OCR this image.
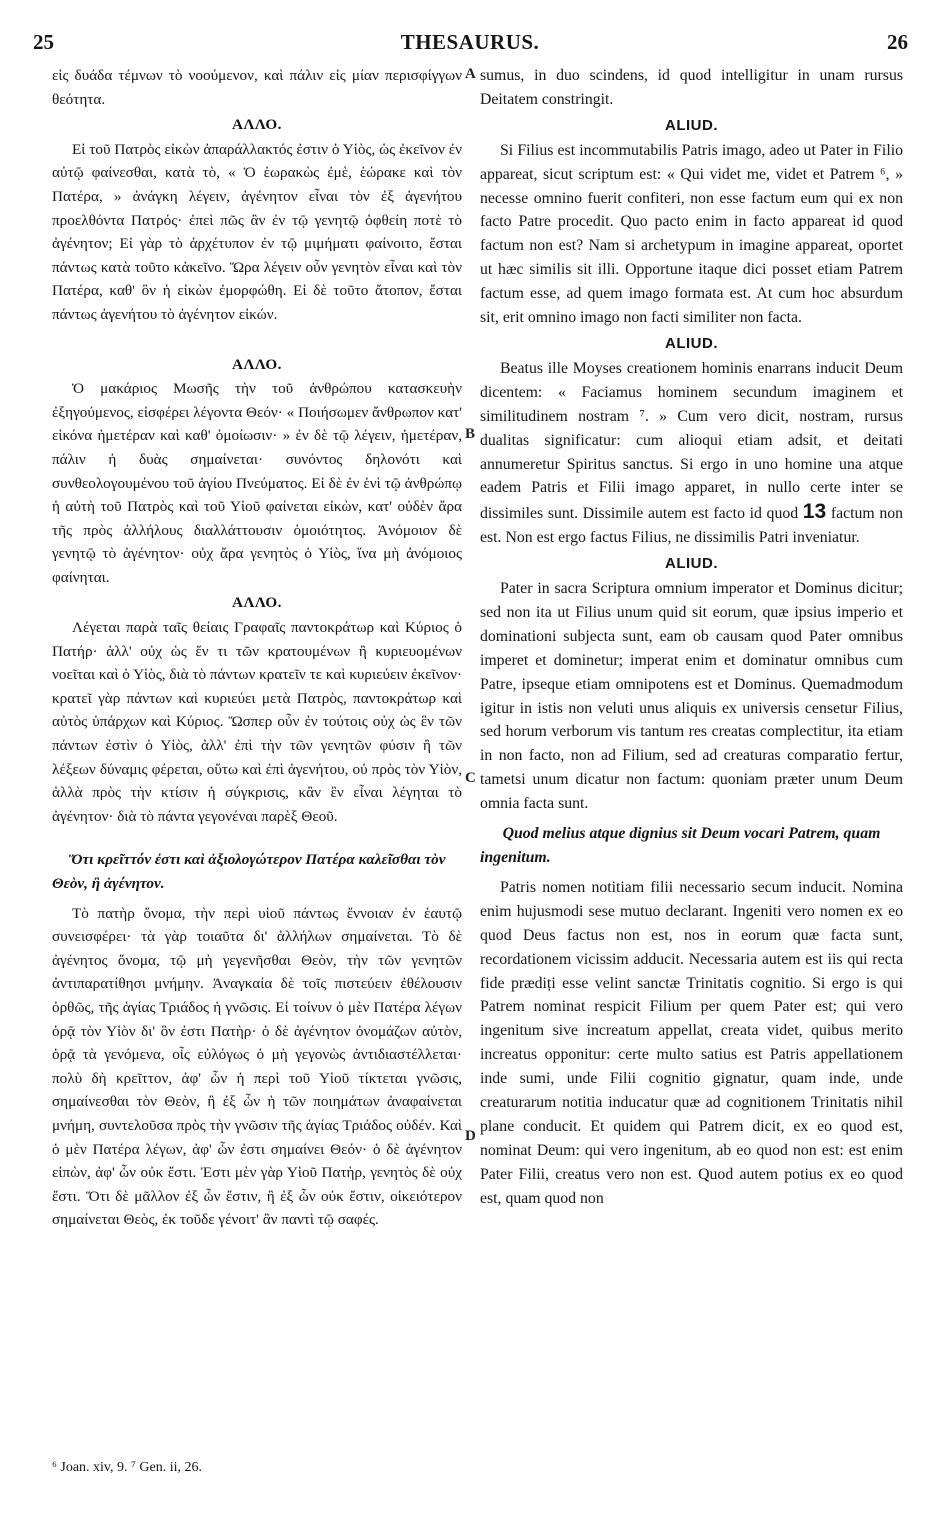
25	THESAURUS.	26

εἰς δυάδα τέμνων τὸ νοούμενον, καὶ πάλιν εἰς μίαν περισφίγγων θεότητα.

ΑΛΛΟ.

Εἰ τοῦ Πατρὸς εἰκὼν ἀπαράλλακτός ἐστιν ὁ Υἱὸς, ὡς ἐκεῖνον ἐν αὐτῷ φαίνεσθαι, κατὰ τὸ, « Ὁ ἑωρακὼς ἐμὲ, ἑώρακε καὶ τὸν Πατέρα, » ἀνάγκη λέγειν, ἀγένητον εἶναι τὸν ἐξ ἀγενήτου προελθόντα Πατρός· ἐπεὶ πῶς ἂν ἐν τῷ γενητῷ ὀφθείη ποτὲ τὸ ἀγένητον; Εἰ γὰρ τὸ ἀρχέτυπον ἐν τῷ μιμήματι φαίνοιτο, ἔσται πάντως κατὰ τοῦτο κἀκεῖνο. Ὥρα λέγειν οὖν γενητὸν εἶναι καὶ τὸν Πατέρα, καθ' ὃν ἡ εἰκὼν ἐμορφώθη. Εἰ δὲ τοῦτο ἄτοπον, ἔσται πάντως ἀγενήτου τὸ ἀγένητον εἰκών.

ΑΛΛΟ.

Ὁ μακάριος Μωσῆς τὴν τοῦ ἀνθρώπου κατασκευὴν ἐξηγούμενος, εἰσφέρει λέγοντα Θεόν· « Ποιήσωμεν ἄνθρωπον κατ' εἰκόνα ἡμετέραν καὶ καθ' ὁμοίωσιν· » ἐν δὲ τῷ λέγειν, ἡμετέραν, πάλιν ἡ δυὰς σημαίνεται· συνόντος δηλονότι καὶ συνθεολογουμένου τοῦ ἁγίου Πνεύματος. Εἰ δὲ ἐν ἑνὶ τῷ ἀνθρώπῳ ἡ αὐτὴ τοῦ Πατρὸς καὶ τοῦ Υἱοῦ φαίνεται εἰκὼν, κατ' οὐδὲν ἄρα τῆς πρὸς ἀλλήλους διαλλάττουσιν ὁμοιότητος. Ἀνόμοιον δὲ γενητῷ τὸ ἀγένητον· οὐχ ἄρα γενητὸς ὁ Υἱὸς, ἵνα μὴ ἀνόμοιος φαίνηται.

ΑΛΛΟ.

Λέγεται παρὰ ταῖς θείαις Γραφαῖς παντοκράτωρ καὶ Κύριος ὁ Πατήρ· ἀλλ' οὐχ ὡς ἕν τι τῶν κρατουμένων ἢ κυριευομένων νοεῖται καὶ ὁ Υἱὸς, διὰ τὸ πάντων κρατεῖν τε καὶ κυριεύειν ἐκεῖνον· κρατεῖ γὰρ πάντων καὶ κυριεύει μετὰ Πατρὸς, παντοκράτωρ καὶ αὐτὸς ὑπάρχων καὶ Κύριος. Ὥσπερ οὖν ἐν τούτοις οὐχ ὡς ἓν τῶν πάντων ἐστὶν ὁ Υἱὸς, ἀλλ' ἐπὶ τὴν τῶν γενητῶν φύσιν ἢ τῶν λέξεων δύναμις φέρεται, οὕτω καὶ ἐπὶ ἀγενήτου, οὐ πρὸς τὸν Υἱὸν, ἀλλὰ πρὸς τὴν κτίσιν ἡ σύγκρισις, κἂν ἓν εἶναι λέγηται τὸ ἀγένητον· διὰ τὸ πάντα γεγονέναι παρὲξ Θεοῦ.

Ὅτι κρεῖττόν ἐστι καὶ ἀξιολογώτερον Πατέρα καλεῖσθαι τὸν Θεὸν, ἢ ἀγένητον.

Τὸ πατὴρ ὄνομα, τὴν περὶ υἱοῦ πάντως ἔννοιαν ἐν ἑαυτῷ συνεισφέρει· τὰ γὰρ τοιαῦτα δι' ἀλλήλων σημαίνεται. Τὸ δὲ ἀγένητος ὄνομα, τῷ μὴ γεγενῆσθαι Θεὸν, τὴν τῶν γενητῶν ἀντιπαρατίθησι μνήμην. Ἀναγκαία δὲ τοῖς πιστεύειν ἐθέλουσιν ὀρθῶς, τῆς ἁγίας Τριάδος ἡ γνῶσις. Εἰ τοίνυν ὁ μὲν Πατέρα λέγων ὁρᾷ τὸν Υἱὸν δι' ὃν ἐστι Πατὴρ· ὁ δὲ ἀγένητον ὀνομάζων αὐτὸν, ὁρᾷ τὰ γενόμενα, οἷς εὐλόγως ὁ μὴ γεγονὼς ἀντιδιαστέλλεται· πολὺ δὴ κρεῖττον, ἀφ' ὧν ἡ περὶ τοῦ Υἱοῦ τίκτεται γνῶσις, σημαίνεσθαι τὸν Θεὸν, ἢ ἐξ ὧν ἡ τῶν ποιημάτων ἀναφαίνεται μνήμη, συντελοῦσα πρὸς τὴν γνῶσιν τῆς ἁγίας Τριάδος οὐδέν. Καὶ ὁ μὲν Πατέρα λέγων, ἀφ' ὧν ἐστι σημαίνει Θεόν· ὁ δὲ ἀγένητον εἰπὼν, ἀφ' ὧν οὐκ ἔστι. Ἐστι μὲν γὰρ Υἱοῦ Πατὴρ, γενητὸς δὲ οὐχ ἔστι. Ὅτι δὲ μᾶλλον ἐξ ὧν ἔστιν, ἢ ἐξ ὧν οὐκ ἔστιν, οἰκειότερον σημαίνεται Θεὸς, ἐκ τοῦδε γένοιτ' ἂν παντὶ τῷ σαφές.

sumus, in duo scindens, id quod intelligitur in unam rursus Deitatem constringit.

ALIUD.

Si Filius est incommutabilis Patris imago, adeo ut Pater in Filio appareat, sicut scriptum est: « Qui videt me, videt et Patrem ⁶, » necesse omnino fuerit confiteri, non esse factum eum qui ex non facto Patre procedit. Quo pacto enim in facto appareat id quod factum non est? Nam si archetypum in imagine appareat, oportet ut hæc similis sit illi. Opportune itaque dici posset etiam Patrem factum esse, ad quem imago formata est. At cum hoc absurdum sit, erit omnino imago non facti similiter non facta.

ALIUD.

Beatus ille Moyses creationem hominis enarrans inducit Deum dicentem: « Faciamus hominem secundum imaginem et similitudinem nostram ⁷. » Cum vero dicit, nostram, rursus dualitas significatur: cum alioqui etiam adsit, et deitati annumeretur Spiritus sanctus. Si ergo in uno homine una atque eadem Patris et Filii imago apparet, in nullo certe inter se dissimiles sunt. Dissimile autem est facto id quod 13 factum non est. Non est ergo factus Filius, ne dissimilis Patri inveniatur.

ALIUD.

Pater in sacra Scriptura omnium imperator et Dominus dicitur; sed non ita ut Filius unum quid sit eorum, quæ ipsius imperio et dominationi subjecta sunt, eam ob causam quod Pater omnibus imperet et dominetur; imperat enim et dominatur omnibus cum Patre, ipseque etiam omnipotens est et Dominus. Quemadmodum igitur in istis non veluti unus aliquis ex universis censetur Filius, sed horum verborum vis tantum res creatas complectitur, ita etiam in non facto, non ad Filium, sed ad creaturas comparatio fertur, tametsi unum dicatur non factum: quoniam præter unum Deum omnia facta sunt.

Quod melius atque dignius sit Deum vocari Patrem, quam ingenitum.

Patris nomen notitiam filii necessario secum inducit. Nomina enim hujusmodi sese mutuo declarant. Ingeniti vero nomen ex eo quod Deus factus non est, nos in eorum quæ facta sunt, recordationem vicissim adducit. Necessaria autem est iis qui recta fide prædiți esse velint sanctæ Trinitatis cognitio. Si ergo is qui Patrem nominat respicit Filium per quem Pater est; qui vero ingenitum sive increatum appellat, creata videt, quibus merito increatus opponitur: certe multo satius est Patris appellationem inde sumi, unde Filii cognitio gignatur, quam inde, unde creaturarum notitia inducatur quæ ad cognitionem Trinitatis nihil plane conducit. Et quidem qui Patrem dicit, ex eo quod est, nominat Deum: qui vero ingenitum, ab eo quod non est: est enim Pater Filii, creatus vero non est. Quod autem potius ex eo quod est, quam quod non

A
B
C
D
⁶ Joan. xiv, 9. ⁷ Gen. ii, 26.
